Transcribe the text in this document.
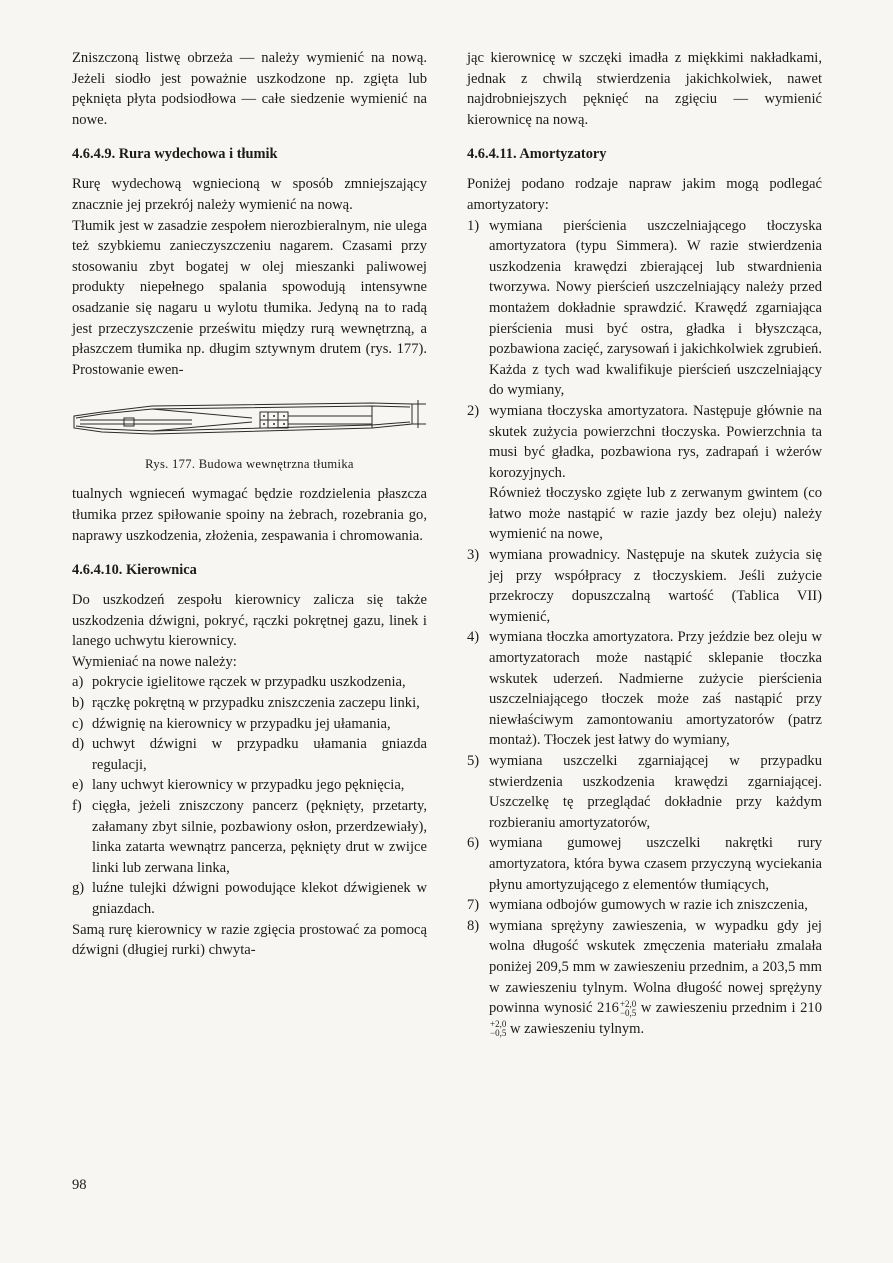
Zniszczoną listwę obrzeża — należy wymienić na nową. Jeżeli siodło jest poważnie uszkodzone np. zgięta lub pęknięta płyta podsiodłowa — całe siedzenie wymienić na nowe.

4.6.4.9. Rura wydechowa i tłumik

Rurę wydechową wgniecioną w sposób zmniejszający znacznie jej przekrój należy wymienić na nową.

Tłumik jest w zasadzie zespołem nierozbieralnym, nie ulega też szybkiemu zanieczyszczeniu nagarem. Czasami przy stosowaniu zbyt bogatej w olej mieszanki paliwowej produkty niepełnego spalania spowodują intensywne osadzanie się nagaru u wylotu tłumika. Jedyną na to radą jest przeczyszczenie prześwitu między rurą wewnętrzną, a płaszczem tłumika np. długim sztywnym drutem (rys. 177). Prostowanie ewen-

Rys. 177. Budowa wewnętrzna tłumika

tualnych wgnieceń wymagać będzie rozdzielenia płaszcza tłumika przez spiłowanie spoiny na żebrach, rozebrania go, naprawy uszkodzenia, złożenia, zespawania i chromowania.

4.6.4.10. Kierownica

Do uszkodzeń zespołu kierownicy zalicza się także uszkodzenia dźwigni, pokryć, rączki pokrętnej gazu, linek i lanego uchwytu kierownicy.

Wymieniać na nowe należy:

a) pokrycie igielitowe rączek w przypadku uszkodzenia,
b) rączkę pokrętną w przypadku zniszczenia zaczepu linki,
c) dźwignię na kierownicy w przypadku jej ułamania,
d) uchwyt dźwigni w przypadku ułamania gniazda regulacji,
e) lany uchwyt kierownicy w przypadku jego pęknięcia,
f) cięgła, jeżeli zniszczony pancerz (pęknięty, przetarty, załamany zbyt silnie, pozbawiony osłon, przerdzewiały), linka zatarta wewnątrz pancerza, pęknięty drut w zwijce linki lub zerwana linka,
g) luźne tulejki dźwigni powodujące klekot dźwigienek w gniazdach.

Samą rurę kierownicy w razie zgięcia prostować za pomocą dźwigni (długiej rurki) chwyta-

jąc kierownicę w szczęki imadła z miękkimi nakładkami, jednak z chwilą stwierdzenia jakichkolwiek, nawet najdrobniejszych pęknięć na zgięciu — wymienić kierownicę na nową.

4.6.4.11. Amortyzatory

Poniżej podano rodzaje napraw jakim mogą podlegać amortyzatory:

1) wymiana pierścienia uszczelniającego tłoczyska amortyzatora (typu Simmera). W razie stwierdzenia uszkodzenia krawędzi zbierającej lub stwardnienia tworzywa. Nowy pierścień uszczelniający należy przed montażem dokładnie sprawdzić. Krawędź zgarniająca pierścienia musi być ostra, gładka i błyszcząca, pozbawiona zacięć, zarysowań i jakichkolwiek zgrubień. Każda z tych wad kwalifikuje pierścień uszczelniający do wymiany,
2) wymiana tłoczyska amortyzatora. Następuje głównie na skutek zużycia powierzchni tłoczyska. Powierzchnia ta musi być gładka, pozbawiona rys, zadrapań i wżerów korozyjnych.
Również tłoczysko zgięte lub z zerwanym gwintem (co łatwo może nastąpić w razie jazdy bez oleju) należy wymienić na nowe,
3) wymiana prowadnicy. Następuje na skutek zużycia się jej przy współpracy z tłoczyskiem. Jeśli zużycie przekroczy dopuszczalną wartość (Tablica VII) wymienić,
4) wymiana tłoczka amortyzatora. Przy jeździe bez oleju w amortyzatorach może nastąpić sklepanie tłoczka wskutek uderzeń. Nadmierne zużycie pierścienia uszczelniającego tłoczek może zaś nastąpić przy niewłaściwym zamontowaniu amortyzatorów (patrz montaż). Tłoczek jest łatwy do wymiany,
5) wymiana uszczelki zgarniającej w przypadku stwierdzenia uszkodzenia krawędzi zgarniającej. Uszczelkę tę przeglądać dokładnie przy każdym rozbieraniu amortyzatorów,
6) wymiana gumowej uszczelki nakrętki rury amortyzatora, która bywa czasem przyczyną wyciekania płynu amortyzującego z elementów tłumiących,
7) wymiana odbojów gumowych w razie ich zniszczenia,
8) wymiana sprężyny zawieszenia, w wypadku gdy jej wolna długość wskutek zmęczenia materiału zmalała poniżej 209,5 mm w zawieszeniu przednim, a 203,5 mm w zawieszeniu tylnym. Wolna długość nowej sprężyny powinna wynosić 216+2,0
−0,5 w zawieszeniu przednim i 210+2,0
−0,5 w zawieszeniu tylnym.
98
